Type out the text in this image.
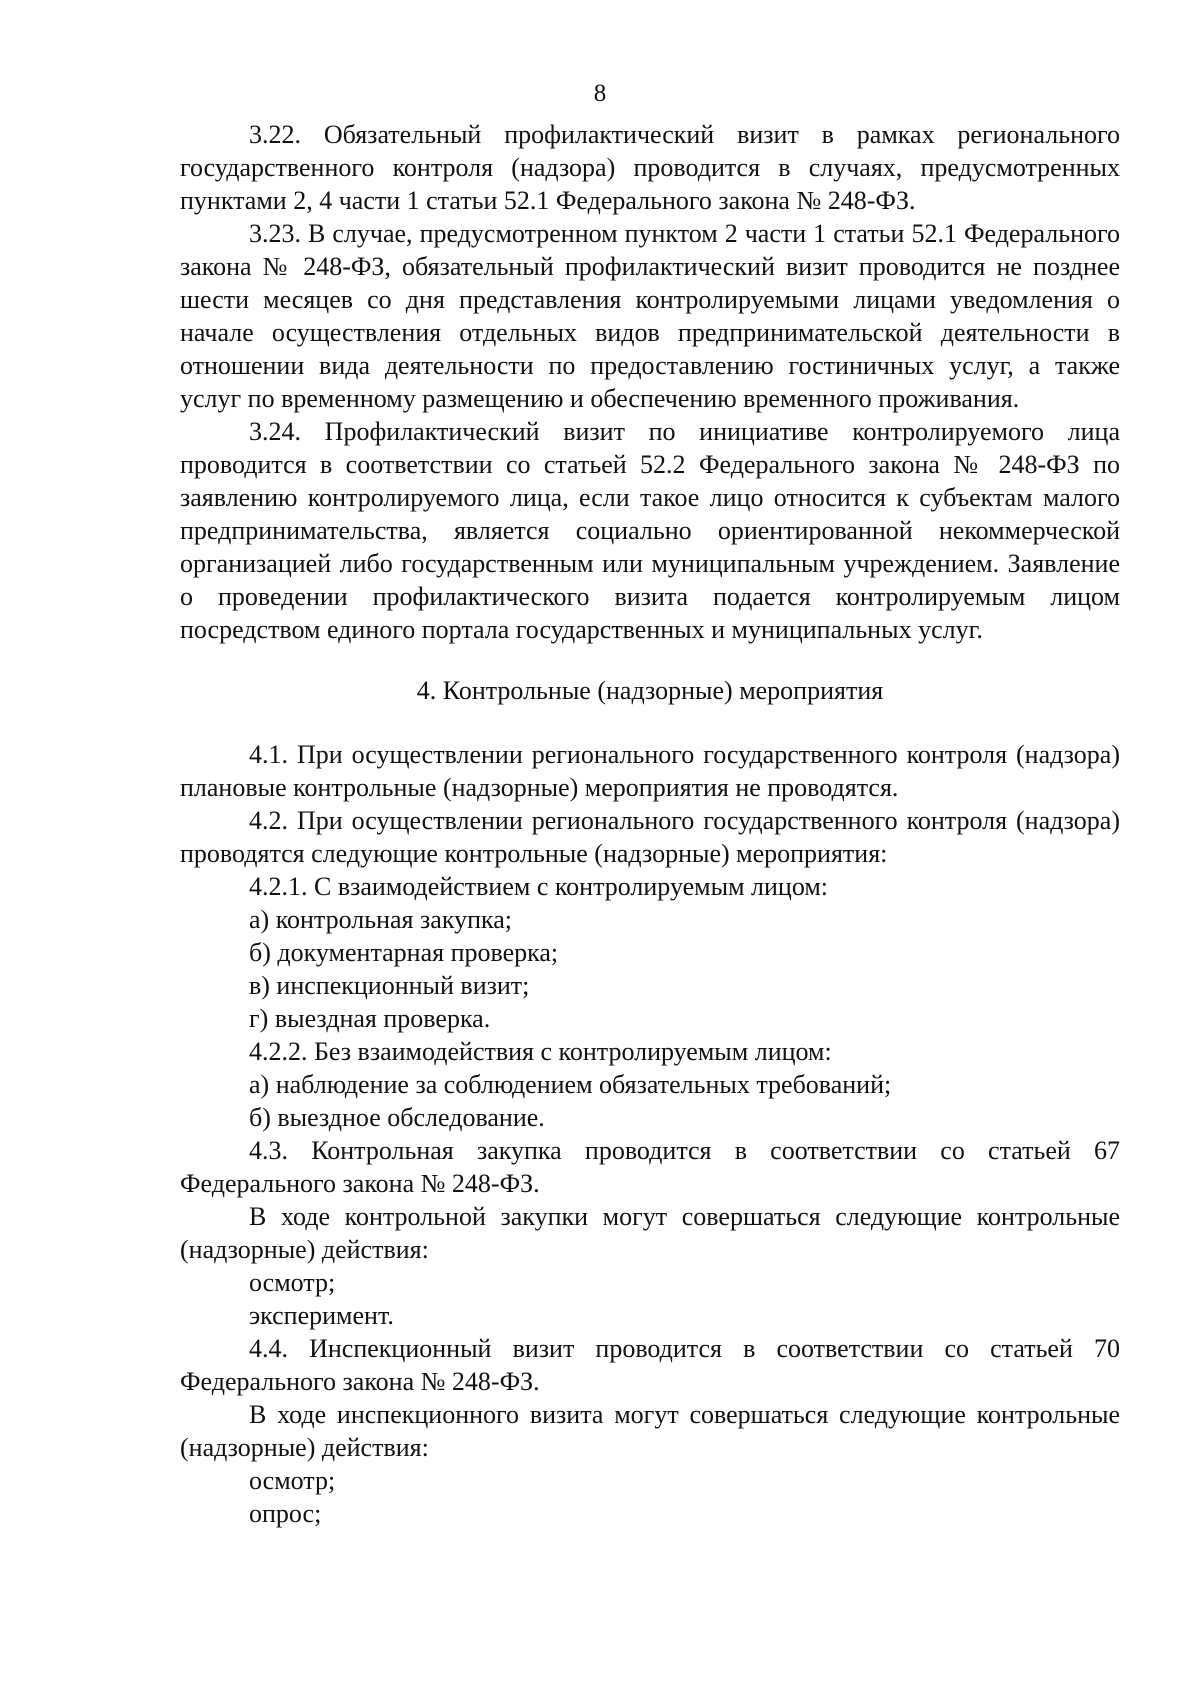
8

3.22. Обязательный профилактический визит в рамках регионального государственного контроля (надзора) проводится в случаях, предусмотренных пунктами 2, 4 части 1 статьи 52.1 Федерального закона № 248-ФЗ.

3.23. В случае, предусмотренном пунктом 2 части 1 статьи 52.1 Федерального закона № 248-ФЗ, обязательный профилактический визит проводится не позднее шести месяцев со дня представления контролируемыми лицами уведомления о начале осуществления отдельных видов предпринимательской деятельности в отношении вида деятельности по предоставлению гостиничных услуг, а также услуг по временному размещению и обеспечению временного проживания.

3.24. Профилактический визит по инициативе контролируемого лица проводится в соответствии со статьей 52.2 Федерального закона № 248-ФЗ по заявлению контролируемого лица, если такое лицо относится к субъектам малого предпринимательства, является социально ориентированной некоммерческой организацией либо государственным или муниципальным учреждением. Заявление о проведении профилактического визита подается контролируемым лицом посредством единого портала государственных и муниципальных услуг.

4. Контрольные (надзорные) мероприятия

4.1. При осуществлении регионального государственного контроля (надзора) плановые контрольные (надзорные) мероприятия не проводятся.

4.2. При осуществлении регионального государственного контроля (надзора) проводятся следующие контрольные (надзорные) мероприятия:

4.2.1. С взаимодействием с контролируемым лицом:

а) контрольная закупка;

б) документарная проверка;

в) инспекционный визит;

г) выездная проверка.

4.2.2. Без взаимодействия с контролируемым лицом:

а) наблюдение за соблюдением обязательных требований;

б) выездное обследование.

4.3. Контрольная закупка проводится в соответствии со статьей 67 Федерального закона № 248-ФЗ.

В ходе контрольной закупки могут совершаться следующие контрольные (надзорные) действия:

осмотр;

эксперимент.

4.4. Инспекционный визит проводится в соответствии со статьей 70 Федерального закона № 248-ФЗ.

В ходе инспекционного визита могут совершаться следующие контрольные (надзорные) действия:

осмотр;

опрос;
